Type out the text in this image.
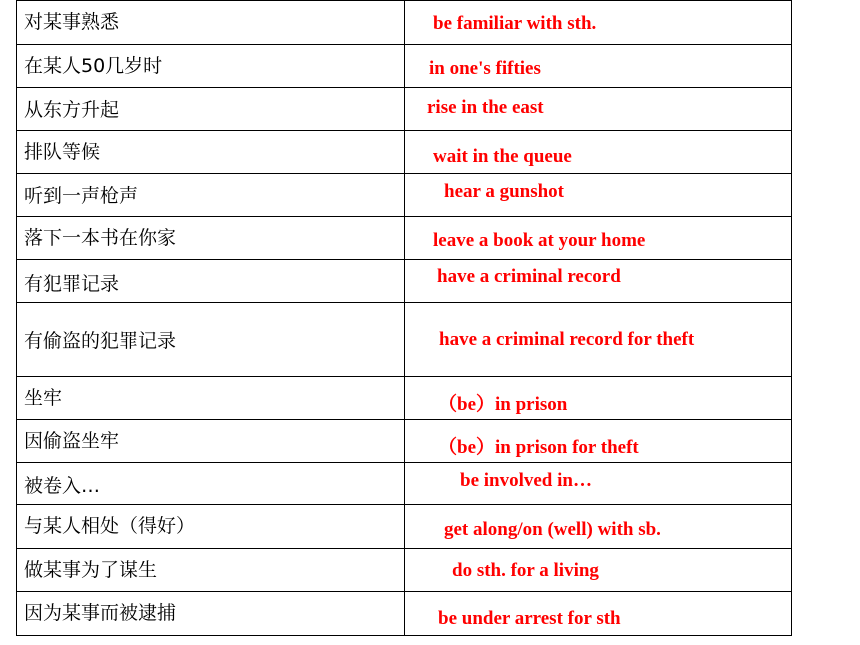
对某事熟悉	be familiar with sth.

在某人50几岁时	in one's fifties

从东方升起	rise in the east

排队等候	wait in the queue

听到一声枪声	hear a gunshot

落下一本书在你家	leave a book at your home

有犯罪记录	have a criminal record

有偷盗的犯罪记录	have a criminal record for theft

坐牢	（be）in prison

因偷盗坐牢	（be）in prison for theft

被卷入…	be involved in…

与某人相处（得好）	get along/on (well) with sb.

做某事为了谋生	do sth. for a living

因为某事而被逮捕	be under arrest for sth
